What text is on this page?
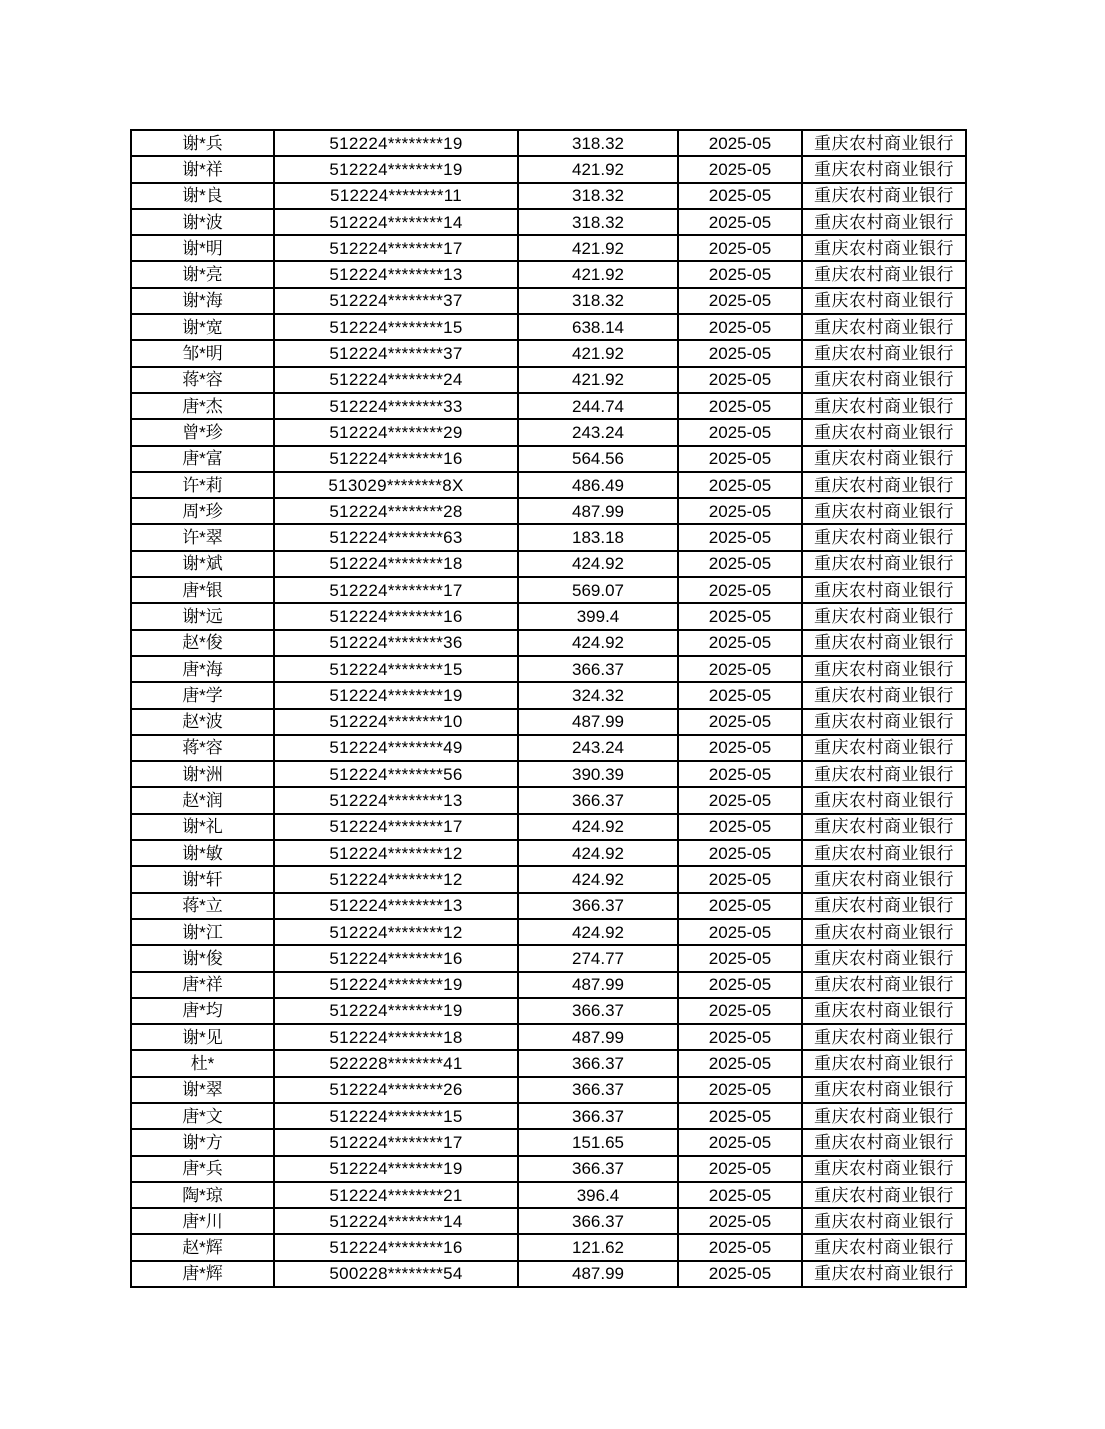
谢*兵	512224********19	318.32	2025-05	重庆农村商业银行
谢*祥	512224********19	421.92	2025-05	重庆农村商业银行
谢*良	512224********11	318.32	2025-05	重庆农村商业银行
谢*波	512224********14	318.32	2025-05	重庆农村商业银行
谢*明	512224********17	421.92	2025-05	重庆农村商业银行
谢*亮	512224********13	421.92	2025-05	重庆农村商业银行
谢*海	512224********37	318.32	2025-05	重庆农村商业银行
谢*宽	512224********15	638.14	2025-05	重庆农村商业银行
邹*明	512224********37	421.92	2025-05	重庆农村商业银行
蒋*容	512224********24	421.92	2025-05	重庆农村商业银行
唐*杰	512224********33	244.74	2025-05	重庆农村商业银行
曾*珍	512224********29	243.24	2025-05	重庆农村商业银行
唐*富	512224********16	564.56	2025-05	重庆农村商业银行
许*莉	513029********8X	486.49	2025-05	重庆农村商业银行
周*珍	512224********28	487.99	2025-05	重庆农村商业银行
许*翠	512224********63	183.18	2025-05	重庆农村商业银行
谢*斌	512224********18	424.92	2025-05	重庆农村商业银行
唐*银	512224********17	569.07	2025-05	重庆农村商业银行
谢*远	512224********16	399.4	2025-05	重庆农村商业银行
赵*俊	512224********36	424.92	2025-05	重庆农村商业银行
唐*海	512224********15	366.37	2025-05	重庆农村商业银行
唐*学	512224********19	324.32	2025-05	重庆农村商业银行
赵*波	512224********10	487.99	2025-05	重庆农村商业银行
蒋*容	512224********49	243.24	2025-05	重庆农村商业银行
谢*洲	512224********56	390.39	2025-05	重庆农村商业银行
赵*润	512224********13	366.37	2025-05	重庆农村商业银行
谢*礼	512224********17	424.92	2025-05	重庆农村商业银行
谢*敏	512224********12	424.92	2025-05	重庆农村商业银行
谢*轩	512224********12	424.92	2025-05	重庆农村商业银行
蒋*立	512224********13	366.37	2025-05	重庆农村商业银行
谢*江	512224********12	424.92	2025-05	重庆农村商业银行
谢*俊	512224********16	274.77	2025-05	重庆农村商业银行
唐*祥	512224********19	487.99	2025-05	重庆农村商业银行
唐*均	512224********19	366.37	2025-05	重庆农村商业银行
谢*见	512224********18	487.99	2025-05	重庆农村商业银行
杜*	522228********41	366.37	2025-05	重庆农村商业银行
谢*翠	512224********26	366.37	2025-05	重庆农村商业银行
唐*文	512224********15	366.37	2025-05	重庆农村商业银行
谢*方	512224********17	151.65	2025-05	重庆农村商业银行
唐*兵	512224********19	366.37	2025-05	重庆农村商业银行
陶*琼	512224********21	396.4	2025-05	重庆农村商业银行
唐*川	512224********14	366.37	2025-05	重庆农村商业银行
赵*辉	512224********16	121.62	2025-05	重庆农村商业银行
唐*辉	500228********54	487.99	2025-05	重庆农村商业银行
